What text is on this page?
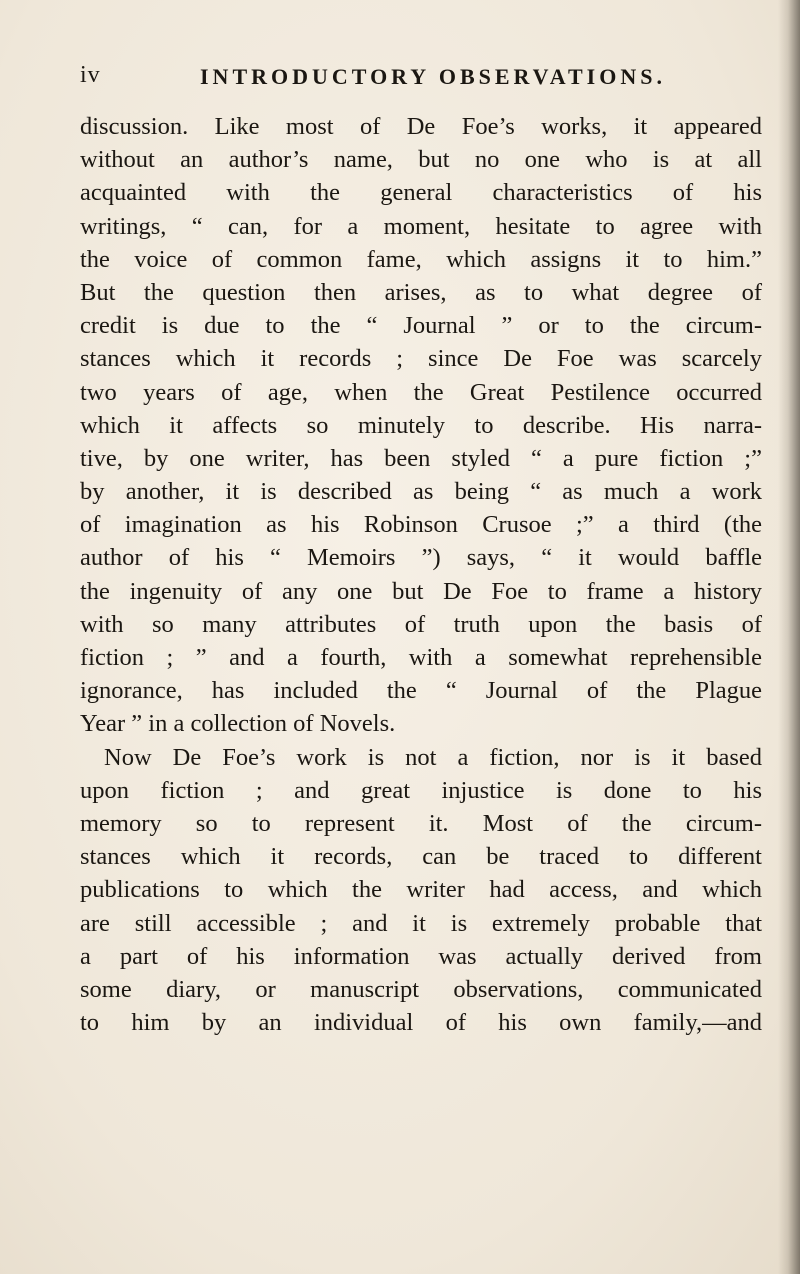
iv	INTRODUCTORY OBSERVATIONS.
discussion. Like most of De Foe’s works, it appeared
without an author’s name, but no one who is at all
acquainted with the general characteristics of his
writings, “ can, for a moment, hesitate to agree with
the voice of common fame, which assigns it to him.”
But the question then arises, as to what degree of
credit is due to the “ Journal ” or to the circum-
stances which it records ; since De Foe was scarcely
two years of age, when the Great Pestilence occurred
which it affects so minutely to describe. His narra-
tive, by one writer, has been styled “ a pure fiction ;”
by another, it is described as being “ as much a work
of imagination as his Robinson Crusoe ;” a third (the
author of his “ Memoirs ”) says, “ it would baffle
the ingenuity of any one but De Foe to frame a history
with so many attributes of truth upon the basis of
fiction ; ” and a fourth, with a somewhat reprehensible
ignorance, has included the “ Journal of the Plague
Year ” in a collection of Novels.
Now De Foe’s work is not a fiction, nor is it based
upon fiction ; and great injustice is done to his
memory so to represent it. Most of the circum-
stances which it records, can be traced to different
publications to which the writer had access, and which
are still accessible ; and it is extremely probable that
a part of his information was actually derived from
some diary, or manuscript observations, communicated
to him by an individual of his own family,—and
